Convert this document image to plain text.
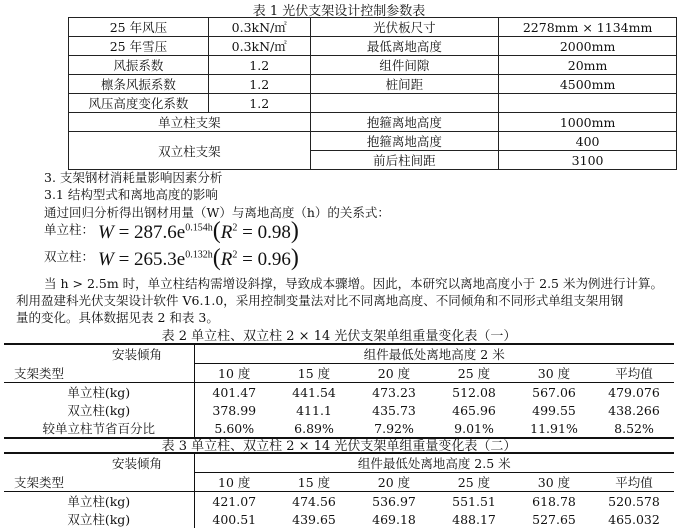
表 1 光伏支架设计控制参数表
25 年风压	0.3kN/㎡	光伏板尺寸	2278mm × 1134mm
25 年雪压	0.3kN/㎡	最低离地高度	2000mm
风振系数	1.2	组件间隙	20mm
檩条风振系数	1.2	桩间距	4500mm
风压高度变化系数	1.2		
单立柱支架		抱箍离地高度	1000mm
双立柱支架		抱箍离地高度	400
		前后柱间距	3100
3. 支架钢材消耗量影响因素分析
3.1 结构型式和离地高度的影响
通过回归分析得出钢材用量（W）与离地高度（h）的关系式：
单立柱： $W = 287.6e^{0.154h}(R^2 = 0.98)$
双立柱： $W = 265.3e^{0.132h}(R^2 = 0.96)$
当 h > 2.5m 时，单立柱结构需增设斜撑，导致成本骤增。因此，本研究以离地高度小于 2.5 米为例进行计算。
利用盈建科光伏支架设计软件 V6.1.0，采用控制变量法对比不同离地高度、不同倾角和不同形式单组支架用钢
量的变化。具体数据见表 2 和表 3。
表 2 单立柱、双立柱 2 × 14 光伏支架单组重量变化表（一）
安装倾角	组件最低处离地高度 2 米					
支架类型	10 度	15 度	20 度	25 度	30 度	平均值
单立柱(kg)	401.47	441.54	473.23	512.08	567.06	479.076
双立柱(kg)	378.99	411.1	435.73	465.96	499.55	438.266
较单立柱节省百分比	5.60%	6.89%	7.92%	9.01%	11.91%	8.52%
表 3 单立柱、双立柱 2 × 14 光伏支架单组重量变化表（二）
安装倾角	组件最低处离地高度 2.5 米					
支架类型	10 度	15 度	20 度	25 度	30 度	平均值
单立柱(kg)	421.07	474.56	536.97	551.51	618.78	520.578
双立柱(kg)	400.51	439.65	469.18	488.17	527.65	465.032
